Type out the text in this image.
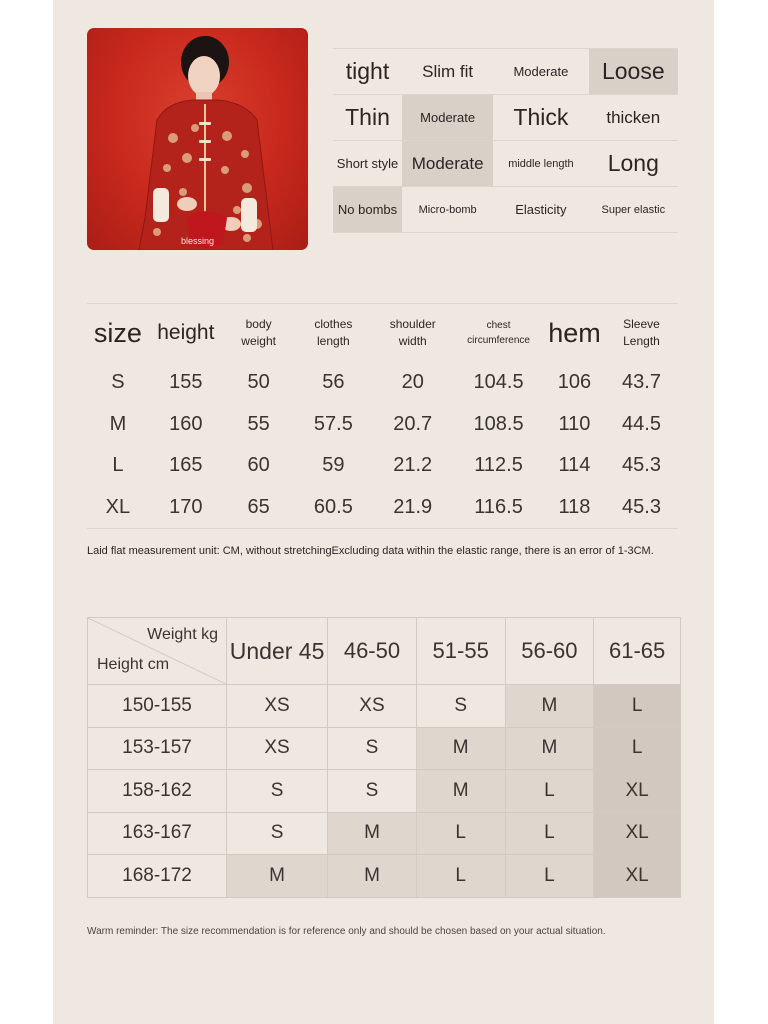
blessing
tight	Slim fit	Moderate	Loose
Thin	Moderate	Thick	thicken
Short style	Moderate	middle length	Long
No bombs	Micro-bomb	Elasticity	Super elastic
size	height	body weight	clothes length	shoulder width	chest circumference	hem	Sleeve Length
S	155	50	56	20	104.5	106	43.7
M	160	55	57.5	20.7	108.5	110	44.5
L	165	60	59	21.2	112.5	114	45.3
XL	170	65	60.5	21.9	116.5	118	45.3
Laid flat measurement unit: CM, without stretchingExcluding data within the elastic range, there is an error of 1-3CM.
Weight kg
Height cm	Under 45	46-50	51-55	56-60	61-65
150-155	XS	XS	S	M	L
153-157	XS	S	M	M	L
158-162	S	S	M	L	XL
163-167	S	M	L	L	XL
168-172	M	M	L	L	XL
Warm reminder: The size recommendation is for reference only and should be chosen based on your actual situation.
